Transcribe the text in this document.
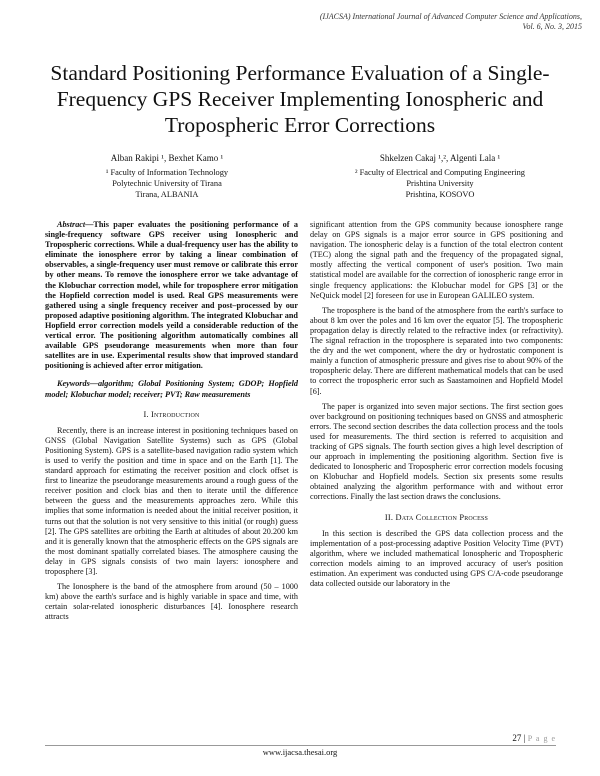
(IJACSA) International Journal of Advanced Computer Science and Applications,
Vol. 6, No. 3, 2015
Standard Positioning Performance Evaluation of a Single-Frequency GPS Receiver Implementing Ionospheric and Tropospheric Error Corrections
Alban Rakipi ¹, Bexhet Kamo ¹
¹ Faculty of Information Technology
Polytechnic University of Tirana
Tirana, ALBANIA
Shkelzen Cakaj ¹,², Algenti Lala ¹
² Faculty of Electrical and Computing Engineering
Prishtina University
Prishtina, KOSOVO

Abstract—This paper evaluates the positioning performance of a single-frequency software GPS receiver using Ionospheric and Tropospheric corrections. While a dual-frequency user has the ability to eliminate the ionosphere error by taking a linear combination of observables, a single-frequency user must remove or calibrate this error by other means. To remove the ionosphere error we take advantage of the Klobuchar correction model, while for troposphere error mitigation the Hopfield correction model is used. Real GPS measurements were gathered using a single frequency receiver and post–processed by our proposed adaptive positioning algorithm. The integrated Klobuchar and Hopfield error correction models yeild a considerable reduction of the vertical error. The positioning algorithm automatically combines all available GPS pseudorange measurements when more than four satellites are in use. Experimental results show that improved standard positioning is achieved after error mitigation.

Keywords—algorithm; Global Positioning System; GDOP; Hopfield model; Klobuchar model; receiver; PVT; Raw measurements

I. Introduction

Recently, there is an increase interest in positioning techniques based on GNSS (Global Navigation Satellite Systems) such as GPS (Global Positioning System). GPS is a satellite-based navigation radio system which is used to verify the position and time in space and on the Earth [1]. The standard approach for estimating the receiver position and clock offset is first to linearize the pseudorange measurements around a rough guess of the receiver position and clock bias and then to iterate until the difference between the guess and the measurements approaches zero. While this implies that some information is needed about the initial receiver position, it turns out that the solution is not very sensitive to this initial (or rough) guess [2]. The GPS satellites are orbiting the Earth at altitudes of about 20.200 km and it is generally known that the atmospheric effects on the GPS signals are the most dominant spatially correlated biases. The atmosphere causing the delay in GPS signals consists of two main layers: ionosphere and troposphere [3].

The Ionosphere is the band of the atmosphere from around (50 – 1000 km) above the earth's surface and is highly variable in space and time, with certain solar-related ionospheric disturbances [4]. Ionosphere research attracts

significant attention from the GPS community because ionosphere range delay on GPS signals is a major error source in GPS positioning and navigation. The ionospheric delay is a function of the total electron content (TEC) along the signal path and the frequency of the propagated signal, mostly affecting the vertical component of user's position. Two main statistical model are available for the correction of ionospheric range error in single frequency applications: the Klobuchar model for GPS [3] or the NeQuick model [2] foreseen for use in European GALILEO system.

The troposphere is the band of the atmosphere from the earth's surface to about 8 km over the poles and 16 km over the equator [5]. The tropospheric propagation delay is directly related to the refractive index (or refractivity). The signal refraction in the troposphere is separated into two components: the dry and the wet component, where the dry or hydrostatic component is mainly a function of atmospheric pressure and gives rise to about 90% of the tropospheric delay. There are different mathematical models that can be used to correct the tropospheric error such as Saastamoinen and Hopfield Model [6].

The paper is organized into seven major sections. The first section goes over background on positioning techniques based on GNSS and atmospheric errors. The second section describes the data collection process and the tools used for measurements. The third section is referred to acquisition and tracking of GPS signals. The fourth section gives a high level description of our approach in implementing the positioning algorithm. Section five is dedicated to Ionospheric and Tropospheric error correction models focusing on Klobuchar and Hopfield models. Section six presents some results obtained analyzing the algorithm performance with and without error corrections. Finally the last section draws the conclusions.

II. Data Collection Process

In this section is described the GPS data collection process and the implementation of a post-processing adaptive Position Velocity Time (PVT) algorithm, where we included mathematical Ionospheric and Tropospheric correction models aiming to an improved accuracy of user's position estimation. An experiment was conducted using GPS C/A-code pseudorange data collected outside our laboratory in the

27 | P a g e
www.ijacsa.thesai.org
